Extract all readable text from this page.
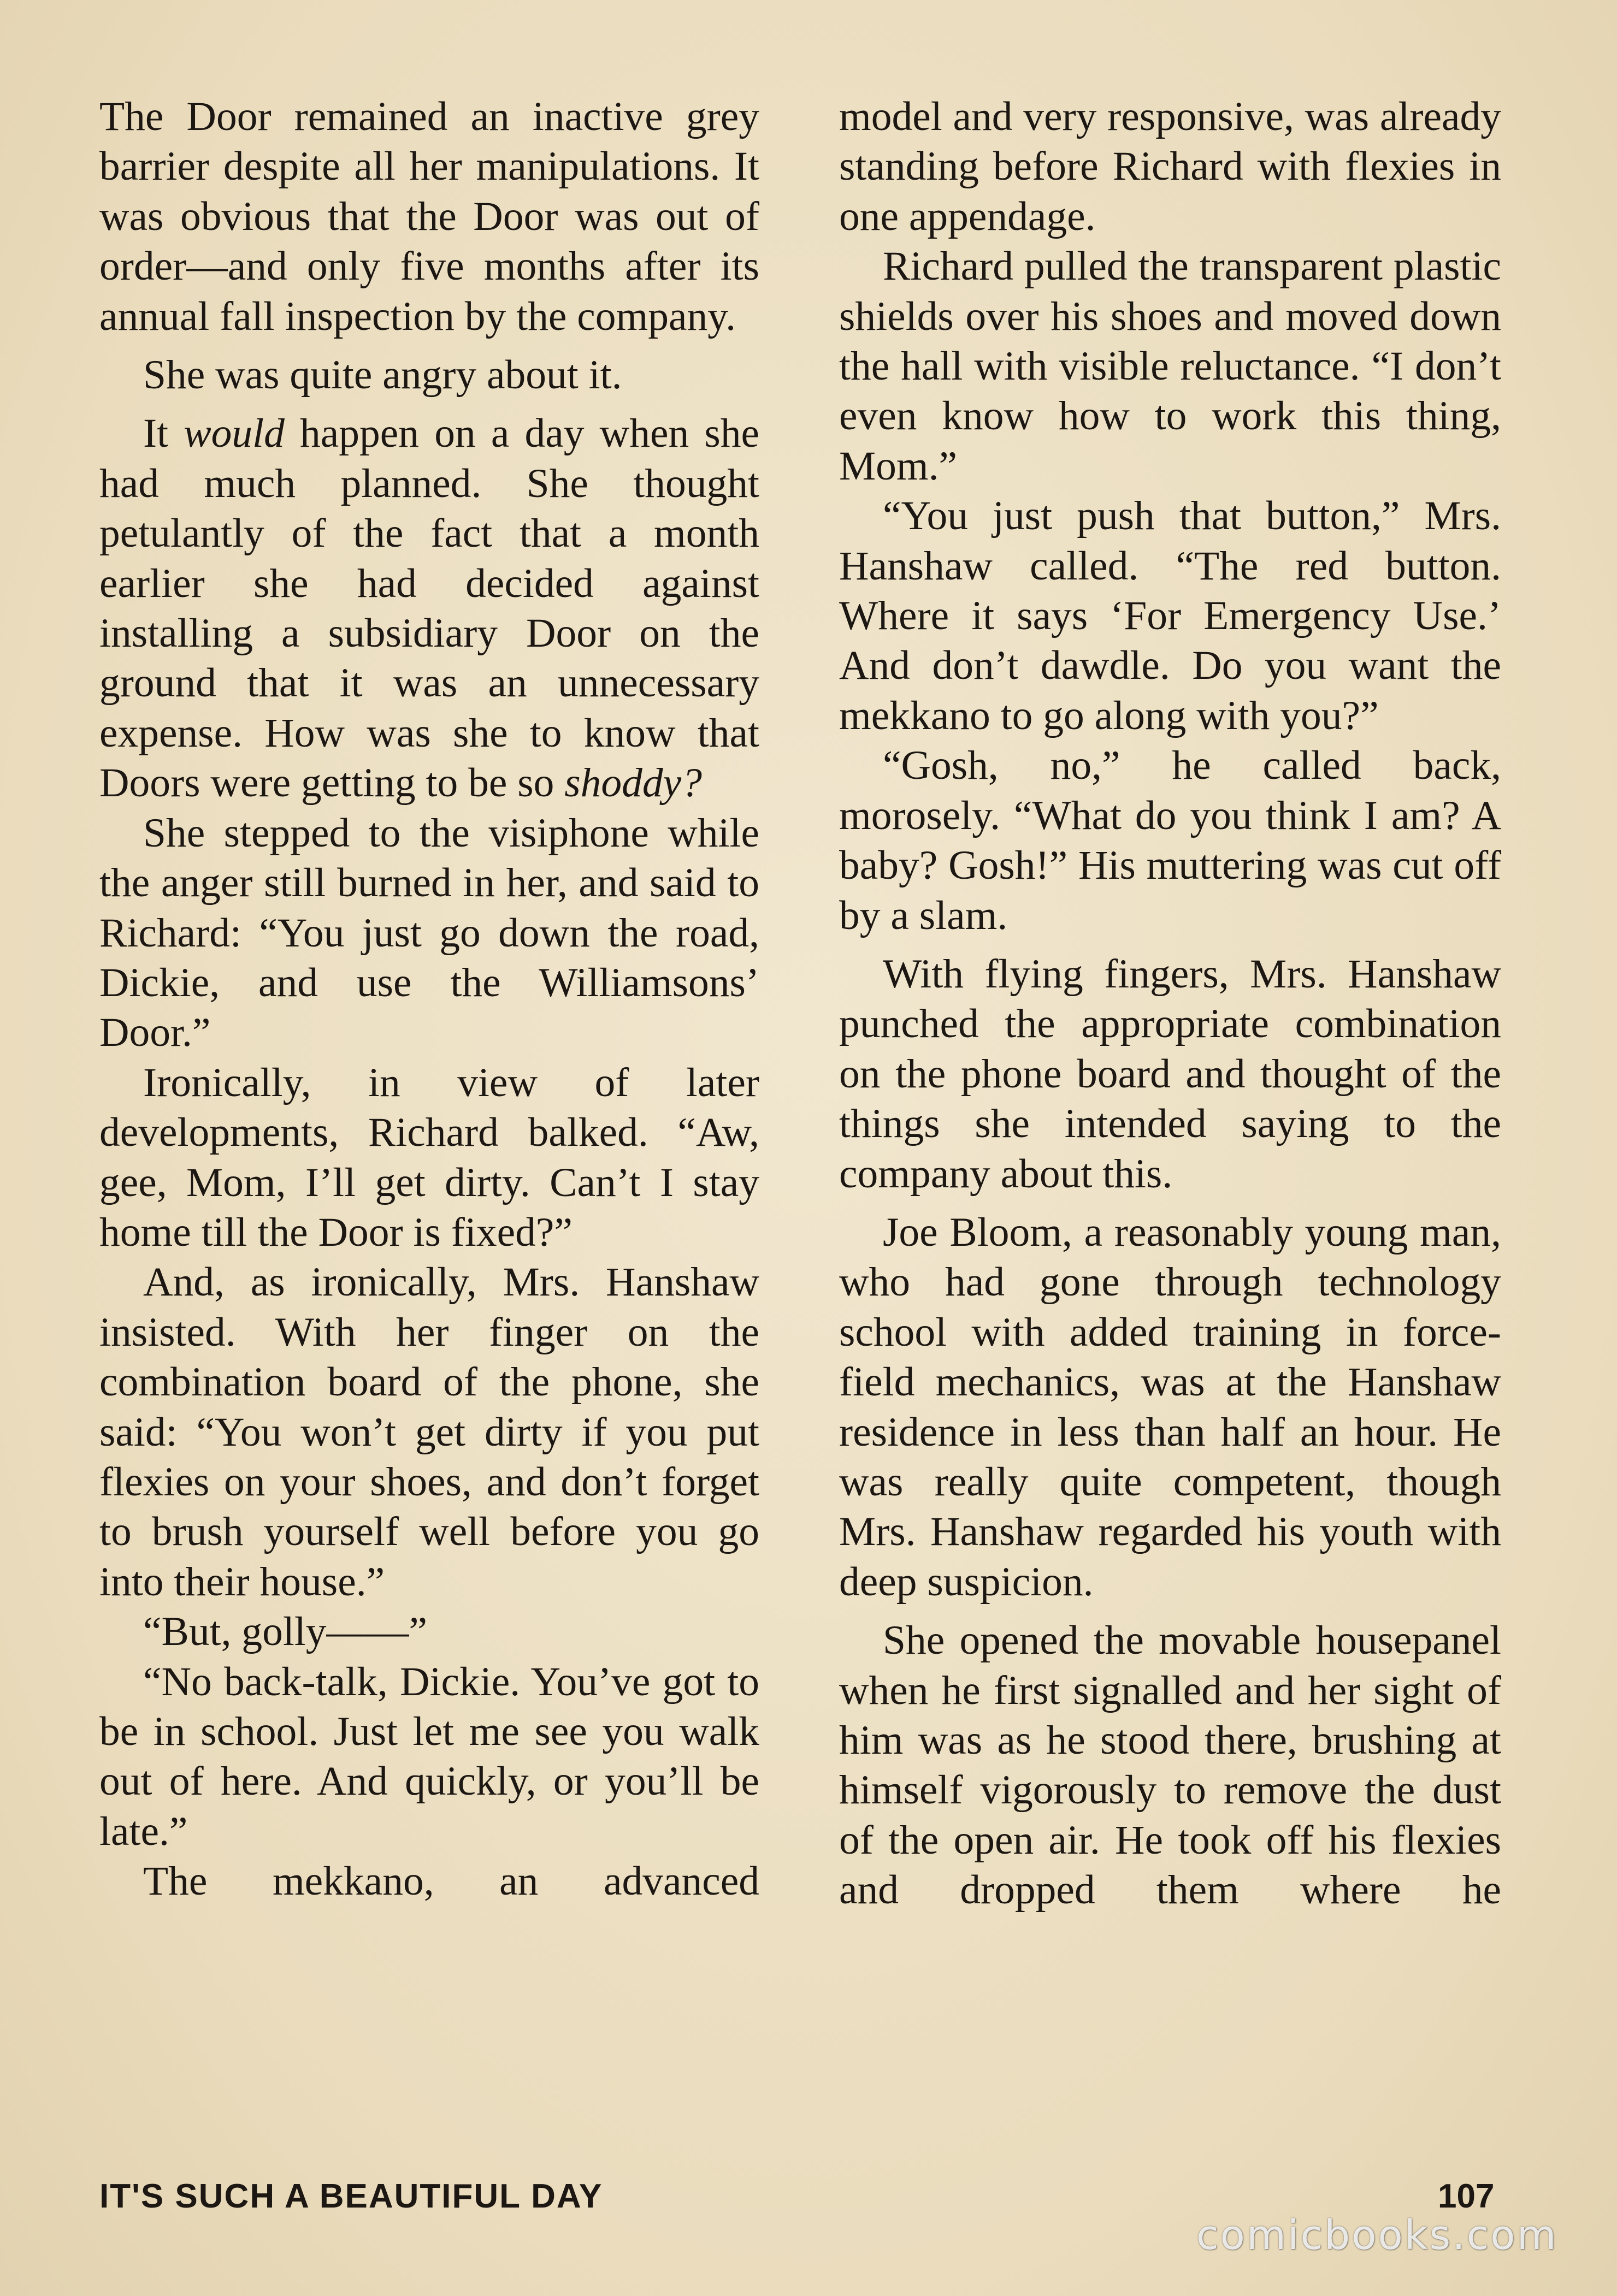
The Door remained an inactive grey barrier despite all her manipulations. It was obvious that the Door was out of order—and only five months after its annual fall inspection by the company.

She was quite angry about it.

It would happen on a day when she had much planned. She thought petulantly of the fact that a month earlier she had decided against installing a subsidiary Door on the ground that it was an unnecessary expense. How was she to know that Doors were getting to be so shoddy?

She stepped to the visiphone while the anger still burned in her, and said to Richard: “You just go down the road, Dickie, and use the Williamsons’ Door.”

Ironically, in view of later developments, Richard balked. “Aw, gee, Mom, I’ll get dirty. Can’t I stay home till the Door is fixed?”

And, as ironically, Mrs. Hanshaw insisted. With her finger on the combination board of the phone, she said: “You won’t get dirty if you put flexies on your shoes, and don’t forget to brush yourself well before you go into their house.”

“But, golly——”

“No back-talk, Dickie. You’ve got to be in school. Just let me see you walk out of here. And quickly, or you’ll be late.”

The mekkano, an advanced

model and very responsive, was already standing before Richard with flexies in one appendage.

Richard pulled the transparent plastic shields over his shoes and moved down the hall with visible reluctance. “I don’t even know how to work this thing, Mom.”

“You just push that button,” Mrs. Hanshaw called. “The red button. Where it says ‘For Emergency Use.’ And don’t dawdle. Do you want the mekkano to go along with you?”

“Gosh, no,” he called back, morosely. “What do you think I am? A baby? Gosh!” His muttering was cut off by a slam.

With flying fingers, Mrs. Hanshaw punched the appropriate combination on the phone board and thought of the things she intended saying to the company about this.

Joe Bloom, a reasonably young man, who had gone through technology school with added training in force-field mechanics, was at the Hanshaw residence in less than half an hour. He was really quite competent, though Mrs. Hanshaw regarded his youth with deep suspicion.

She opened the movable housepanel when he first signalled and her sight of him was as he stood there, brushing at himself vigorously to remove the dust of the open air. He took off his flexies and dropped them where he

IT'S SUCH A BEAUTIFUL DAY	107
comicbooks.com
